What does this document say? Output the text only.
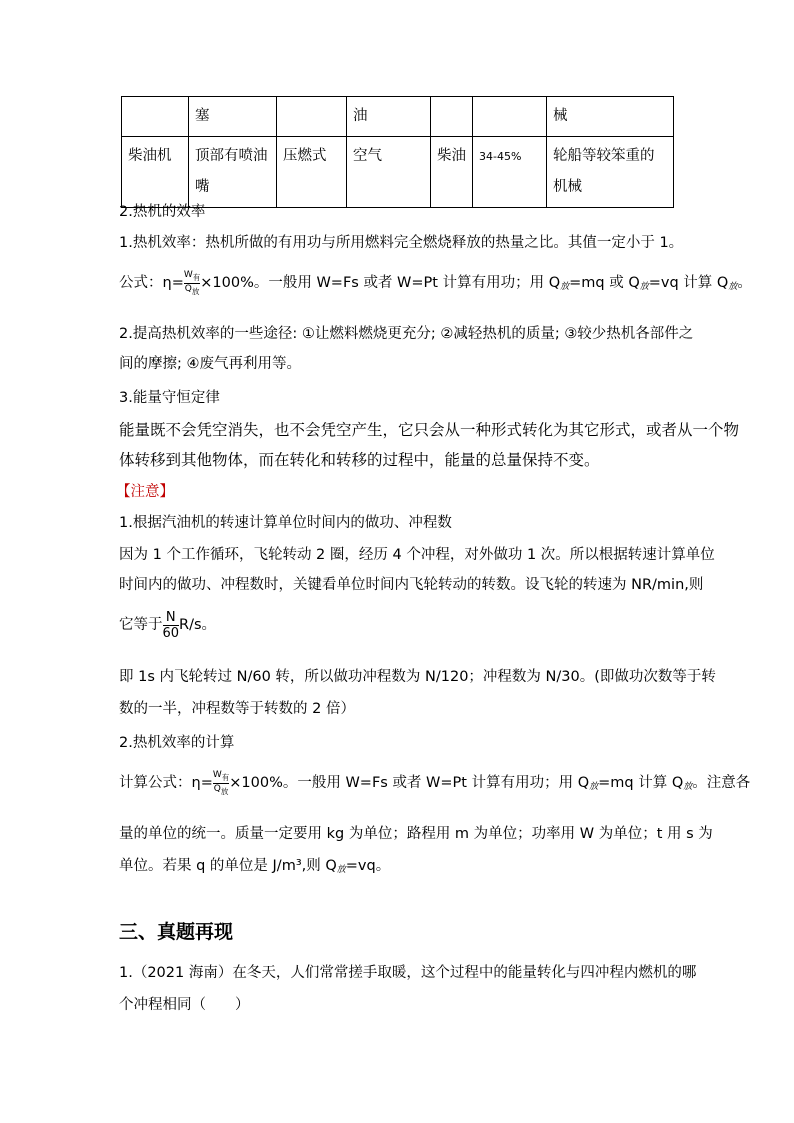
	塞		油			械
柴油机	顶部有喷油嘴	压燃式	空气	柴油	34-45%	轮船等较笨重的机械
2.热机的效率
1.热机效率：热机所做的有用功与所用燃料完全燃烧释放的热量之比。其值一定小于 1。
公式：$\eta= \frac{W_有}{Q_放} \times 100\%$。一般用 W=Fs 或者 W=Pt 计算有用功；用 $Q_放=mq$ 或 $Q_放=vq$ 计算 $Q_放$。
2.提高热机效率的一些途径: ①让燃料燃烧更充分; ②减轻热机的质量; ③较少热机各部件之
间的摩擦; ④废气再利用等。
3.能量守恒定律
能量既不会凭空消失，也不会凭空产生，它只会从一种形式转化为其它形式，或者从一个物
体转移到其他物体，而在转化和转移的过程中，能量的总量保持不变。
【注意】
1.根据汽油机的转速计算单位时间内的做功、冲程数
因为 1 个工作循环，飞轮转动 2 圈，经历 4 个冲程，对外做功 1 次。所以根据转速计算单位
时间内的做功、冲程数时，关键看单位时间内飞轮转动的转数。设飞轮的转速为 NR/min,则
它等于 $\frac{N}{60} R/s$。
即 1s 内飞轮转过 N/60 转，所以做功冲程数为 N/120；冲程数为 N/30。(即做功次数等于转
数的一半，冲程数等于转数的 2 倍）
2.热机效率的计算
计算公式：$\eta= \frac{W_有}{Q_放} \times 100\%$。一般用 W=Fs 或者 W=Pt 计算有用功；用 $Q_放=mq$ 计算 $Q_放$。注意各
量的单位的统一。质量一定要用 kg 为单位；路程用 m 为单位；功率用 W 为单位；t 用 s 为
单位。若果 q 的单位是 J/m³,则 $Q_放=vq$。
三、真题再现
1.（2021 海南）在冬天，人们常常搓手取暖，这个过程中的能量转化与四冲程内燃机的哪
个冲程相同（　　）
